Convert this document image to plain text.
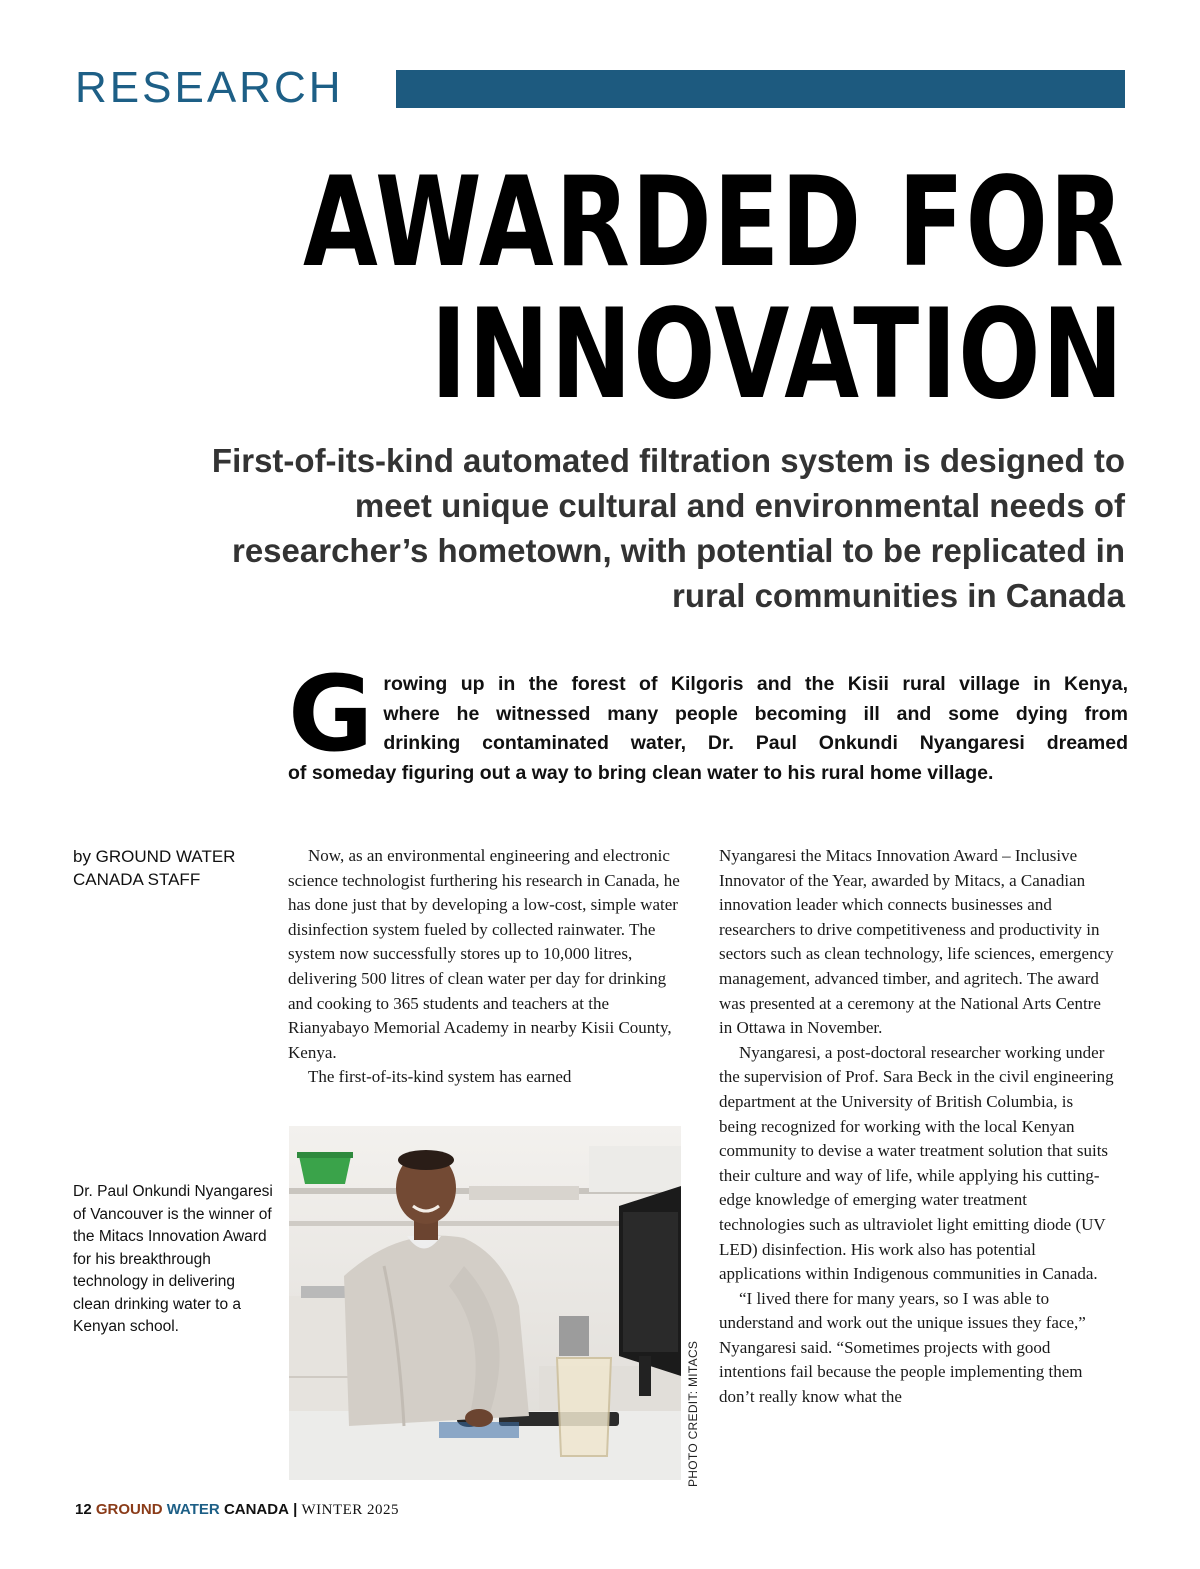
RESEARCH
AWARDED FOR
INNOVATION
First-of-its-kind automated filtration system is designed to
meet unique cultural and environmental needs of
researcher’s hometown, with potential to be replicated in
rural communities in Canada
G rowing up in the forest of Kilgoris and the Kisii rural village in Kenya,
where he witnessed many people becoming ill and some dying from
drinking contaminated water, Dr. Paul Onkundi Nyangaresi dreamed
of someday figuring out a way to bring clean water to his rural home village.
by GROUND WATER CANADA STAFF

Now, as an environmental engineering and electronic science technologist furthering his research in Canada, he has done just that by developing a low-cost, simple water disinfection system fueled by collected rainwater. The system now successfully stores up to 10,000 litres, delivering 500 litres of clean water per day for drinking and cooking to 365 students and teachers at the Rianyabayo Memorial Academy in nearby Kisii County, Kenya.

The first-of-its-kind system has earned

PHOTO CREDIT: MITACS
Dr. Paul Onkundi Nyangaresi of Vancouver is the winner of the Mitacs Innovation Award for his breakthrough technology in delivering clean drinking water to a Kenyan school.

Nyangaresi the Mitacs Innovation Award – Inclusive Innovator of the Year, awarded by Mitacs, a Canadian innovation leader which connects businesses and researchers to drive competitiveness and productivity in sectors such as clean technology, life sciences, emergency management, advanced timber, and agritech. The award was presented at a ceremony at the National Arts Centre in Ottawa in November.

Nyangaresi, a post-doctoral researcher working under the supervision of Prof. Sara Beck in the civil engineering department at the University of British Columbia, is being recognized for working with the local Kenyan community to devise a water treatment solution that suits their culture and way of life, while applying his cutting-edge knowledge of emerging water treatment technologies such as ultraviolet light emitting diode (UV LED) disinfection. His work also has potential applications within Indigenous communities in Canada.

“I lived there for many years, so I was able to understand and work out the unique issues they face,” Nyangaresi said. “Sometimes projects with good intentions fail because the people implementing them don’t really know what the

12 GROUND WATER CANADA | WINTER 2025
